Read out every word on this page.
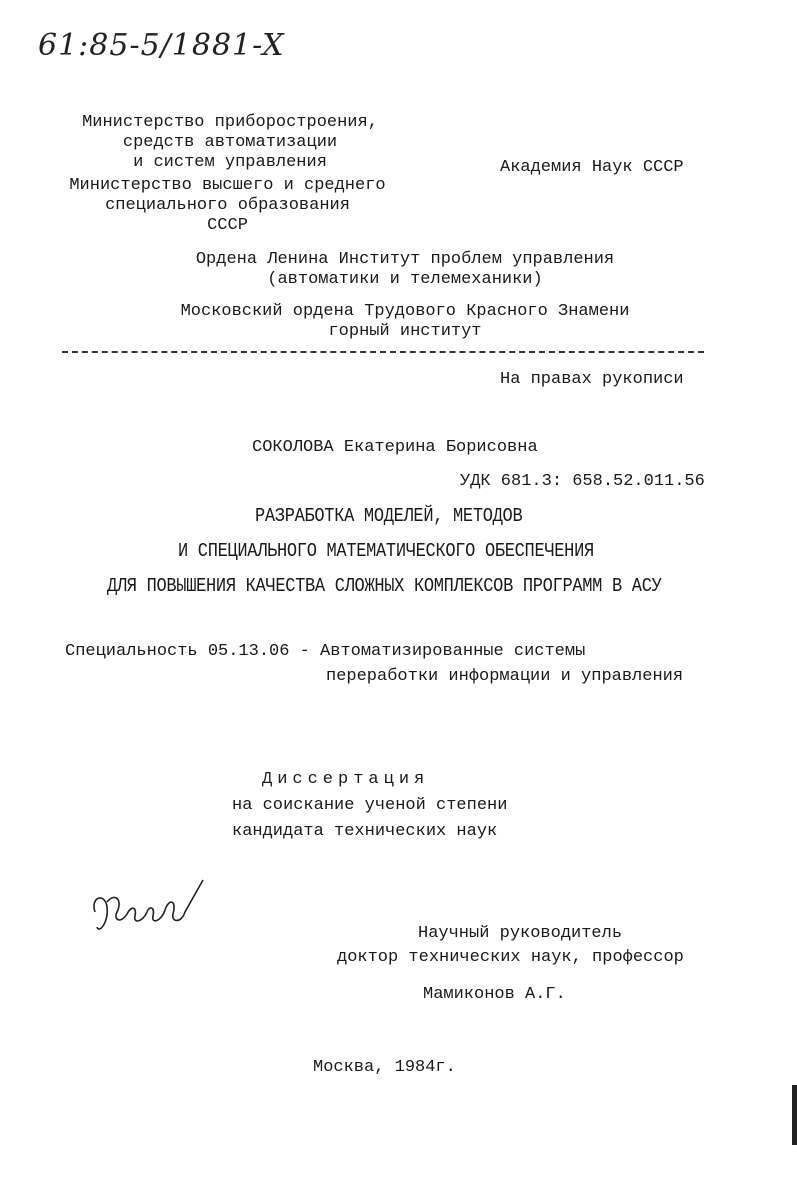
61:85-5/1881-X
Министерство приборостроения,
средств автоматизации
и систем управления
Министерство высшего и среднего
специального образования
СССР
Академия Наук СССР
Ордена Ленина Институт проблем управления
(автоматики и телемеханики)
Московский ордена Трудового Красного Знамени
горный институт
На правах рукописи
СОКОЛОВА Екатерина Борисовна
УДК 681.3: 658.52.011.56
РАЗРАБОТКА МОДЕЛЕЙ, МЕТОДОВ
И СПЕЦИАЛЬНОГО МАТЕМАТИЧЕСКОГО ОБЕСПЕЧЕНИЯ
ДЛЯ ПОВЫШЕНИЯ КАЧЕСТВА СЛОЖНЫХ КОМПЛЕКСОВ ПРОГРАММ В АСУ
Специальность 05.13.06 - Автоматизированные системы
переработки информации и управления
Диссертация
на соискание ученой степени
кандидата технических наук
Научный руководитель
доктор технических наук, профессор
Мамиконов А.Г.
Москва, 1984г.
